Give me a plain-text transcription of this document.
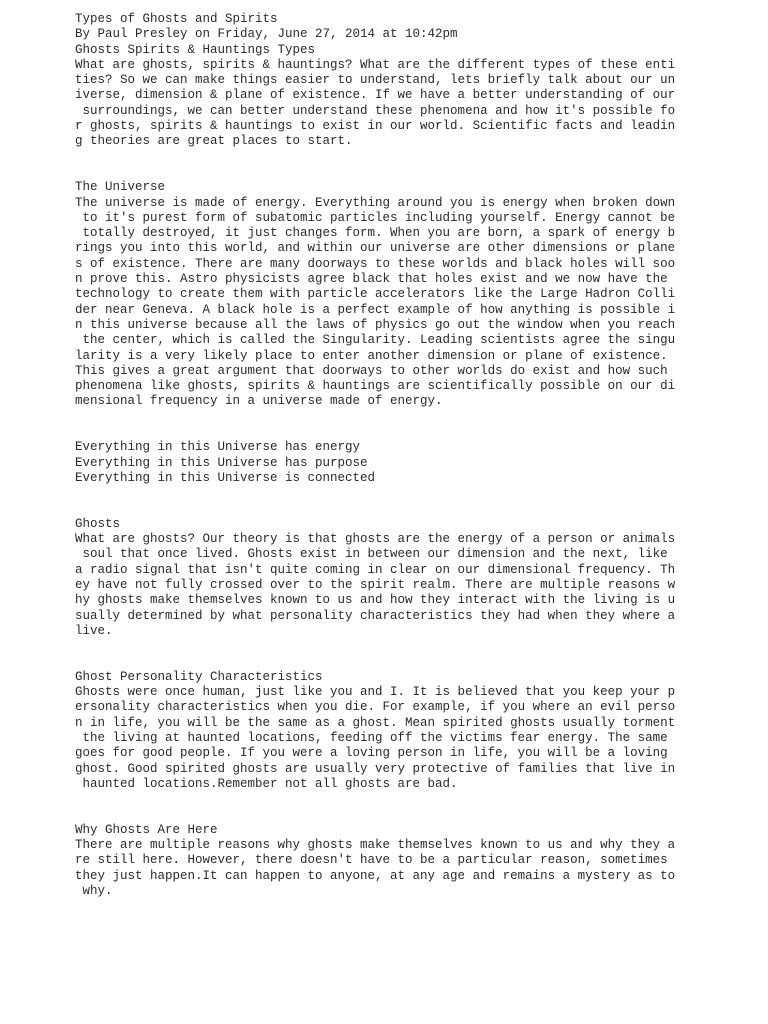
Types of Ghosts and Spirits
By Paul Presley on Friday, June 27, 2014 at 10:42pm
Ghosts Spirits & Hauntings Types
What are ghosts, spirits & hauntings? What are the different types of these enti
ties? So we can make things easier to understand, lets briefly talk about our un
iverse, dimension & plane of existence. If we have a better understanding of our
surroundings, we can better understand these phenomena and how it's possible fo
r ghosts, spirits & hauntings to exist in our world. Scientific facts and leadin
g theories are great places to start.
The Universe
The universe is made of energy. Everything around you is energy when broken down
to it's purest form of subatomic particles including yourself. Energy cannot be
totally destroyed, it just changes form. When you are born, a spark of energy b
rings you into this world, and within our universe are other dimensions or plane
s of existence. There are many doorways to these worlds and black holes will soo
n prove this. Astro physicists agree black that holes exist and we now have the
technology to create them with particle accelerators like the Large Hadron Colli
der near Geneva. A black hole is a perfect example of how anything is possible i
n this universe because all the laws of physics go out the window when you reach
the center, which is called the Singularity. Leading scientists agree the singu
larity is a very likely place to enter another dimension or plane of existence.
This gives a great argument that doorways to other worlds do exist and how such
phenomena like ghosts, spirits & hauntings are scientifically possible on our di
mensional frequency in a universe made of energy.
Everything in this Universe has energy
Everything in this Universe has purpose
Everything in this Universe is connected
Ghosts
What are ghosts? Our theory is that ghosts are the energy of a person or animals
soul that once lived. Ghosts exist in between our dimension and the next, like
a radio signal that isn't quite coming in clear on our dimensional frequency. Th
ey have not fully crossed over to the spirit realm. There are multiple reasons w
hy ghosts make themselves known to us and how they interact with the living is u
sually determined by what personality characteristics they had when they where a
live.
Ghost Personality Characteristics
Ghosts were once human, just like you and I. It is believed that you keep your p
ersonality characteristics when you die. For example, if you where an evil perso
n in life, you will be the same as a ghost. Mean spirited ghosts usually torment
the living at haunted locations, feeding off the victims fear energy. The same
goes for good people. If you were a loving person in life, you will be a loving
ghost. Good spirited ghosts are usually very protective of families that live in
haunted locations.Remember not all ghosts are bad.
Why Ghosts Are Here
There are multiple reasons why ghosts make themselves known to us and why they a
re still here. However, there doesn't have to be a particular reason, sometimes
they just happen.It can happen to anyone, at any age and remains a mystery as to
why.
